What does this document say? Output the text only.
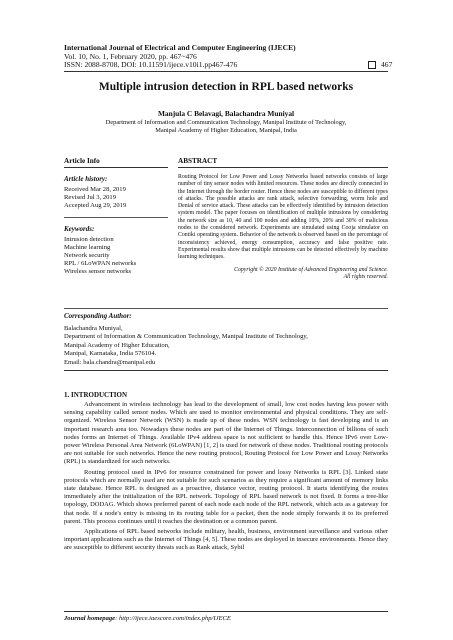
International Journal of Electrical and Computer Engineering (IJECE)
Vol. 10, No. 1, February 2020, pp. 467~476
ISSN: 2088-8708, DOI: 10.11591/ijece.v10i1.pp467-476	467
Multiple intrusion detection in RPL based networks
Manjula C Belavagi, Balachandra Muniyal
Department of Information and Communication Technology, Manipal Institute of Technology,
Manipal Academy of Higher Education, Manipal, India
Article Info
Article history:
Received Mar 28, 2019
Revised Jul 3, 2019
Accepted Aug 29, 2019
Keywords:
Intrusion detection
Machine learning
Network security
RPL / 6LoWPAN networks
Wireless sensor networks
ABSTRACT
Routing Protocol for Low Power and Lossy Networks based networks consists of large number of tiny sensor nodes with limited resources. These nodes are directly connected to the Internet through the border router. Hence these nodes are susceptible to different types of attacks. The possible attacks are rank attack, selective forwarding, worm hole and Denial of service attack. These attacks can be effectively identified by intrusion detection system model. The paper focuses on identification of multiple intrusions by considering the network size as 10, 40 and 100 nodes and adding 10%, 20% and 30% of malicious nodes to the considered network. Experiments are simulated using Cooja simulator on Contiki operating system. Behavior of the network is observed based on the percentage of inconsistency achieved, energy consumption, accuracy and false positive rate. Experimental results show that multiple intrusions can be detected effectively by machine learning techniques.
Copyright © 2020 Institute of Advanced Engineering and Science.
All rights reserved.
Corresponding Author:
Balachandra Muniyal,
Department of Information & Communication Technology, Manipal Institute of Technology,
Manipal Academy of Higher Education,
Manipal, Karnataka, India 576104.
Email: bala.chandra@manipal.edu
1. INTRODUCTION

Advancement in wireless technology has lead to the development of small, low cost nodes having less power with sensing capability called sensor nodes. Which are used to monitor environmental and physical conditions. They are self-organized. Wireless Sensor Network (WSN) is made up of these nodes. WSN technology is fast developing and is an important research area too. Nowadays these nodes are part of the Internet of Things. Interconnection of billions of such nodes forms an Internet of Things. Available IPv4 address space is not sufficient to handle this. Hence IPv6 over Low-power Wireless Personal Area Network (6LoWPAN) [1, 2] is used for network of these nodes. Traditional routing protocols are not suitable for such networks. Hence the new routing protocol, Routing Protocol for Low Power and Lossy Networks (RPL) is standardized for such networks.

Routing protocol used in IPv6 for resource constrained for power and lossy Networks is RPL [3]. Linked state protocols which are normally used are not suitable for such scenarios as they require a significant amount of memory links state database. Hence RPL is designed as a proactive, distance vector, routing protocol. It starts identifying the routes immediately after the initialization of the RPL network. Topology of RPL based network is not fixed. It forms a tree-like topology, DODAG. Which shows preferred parent of each node each node of the RPL network, which acts as a gateway for that node. If a node's entry is missing in its routing table for a packet, then the node simply forwards it to its preferred parent. This process continues until it reaches the destination or a common parent.

Applications of RPL based networks include military, health, business, environment surveillance and various other important applications such as the Internet of Things [4, 5]. These nodes are deployed in insecure environments. Hence they are susceptible to different security threats such as Rank attack, Sybil

Journal homepage: http://ijece.iaescore.com/index.php/IJECE
